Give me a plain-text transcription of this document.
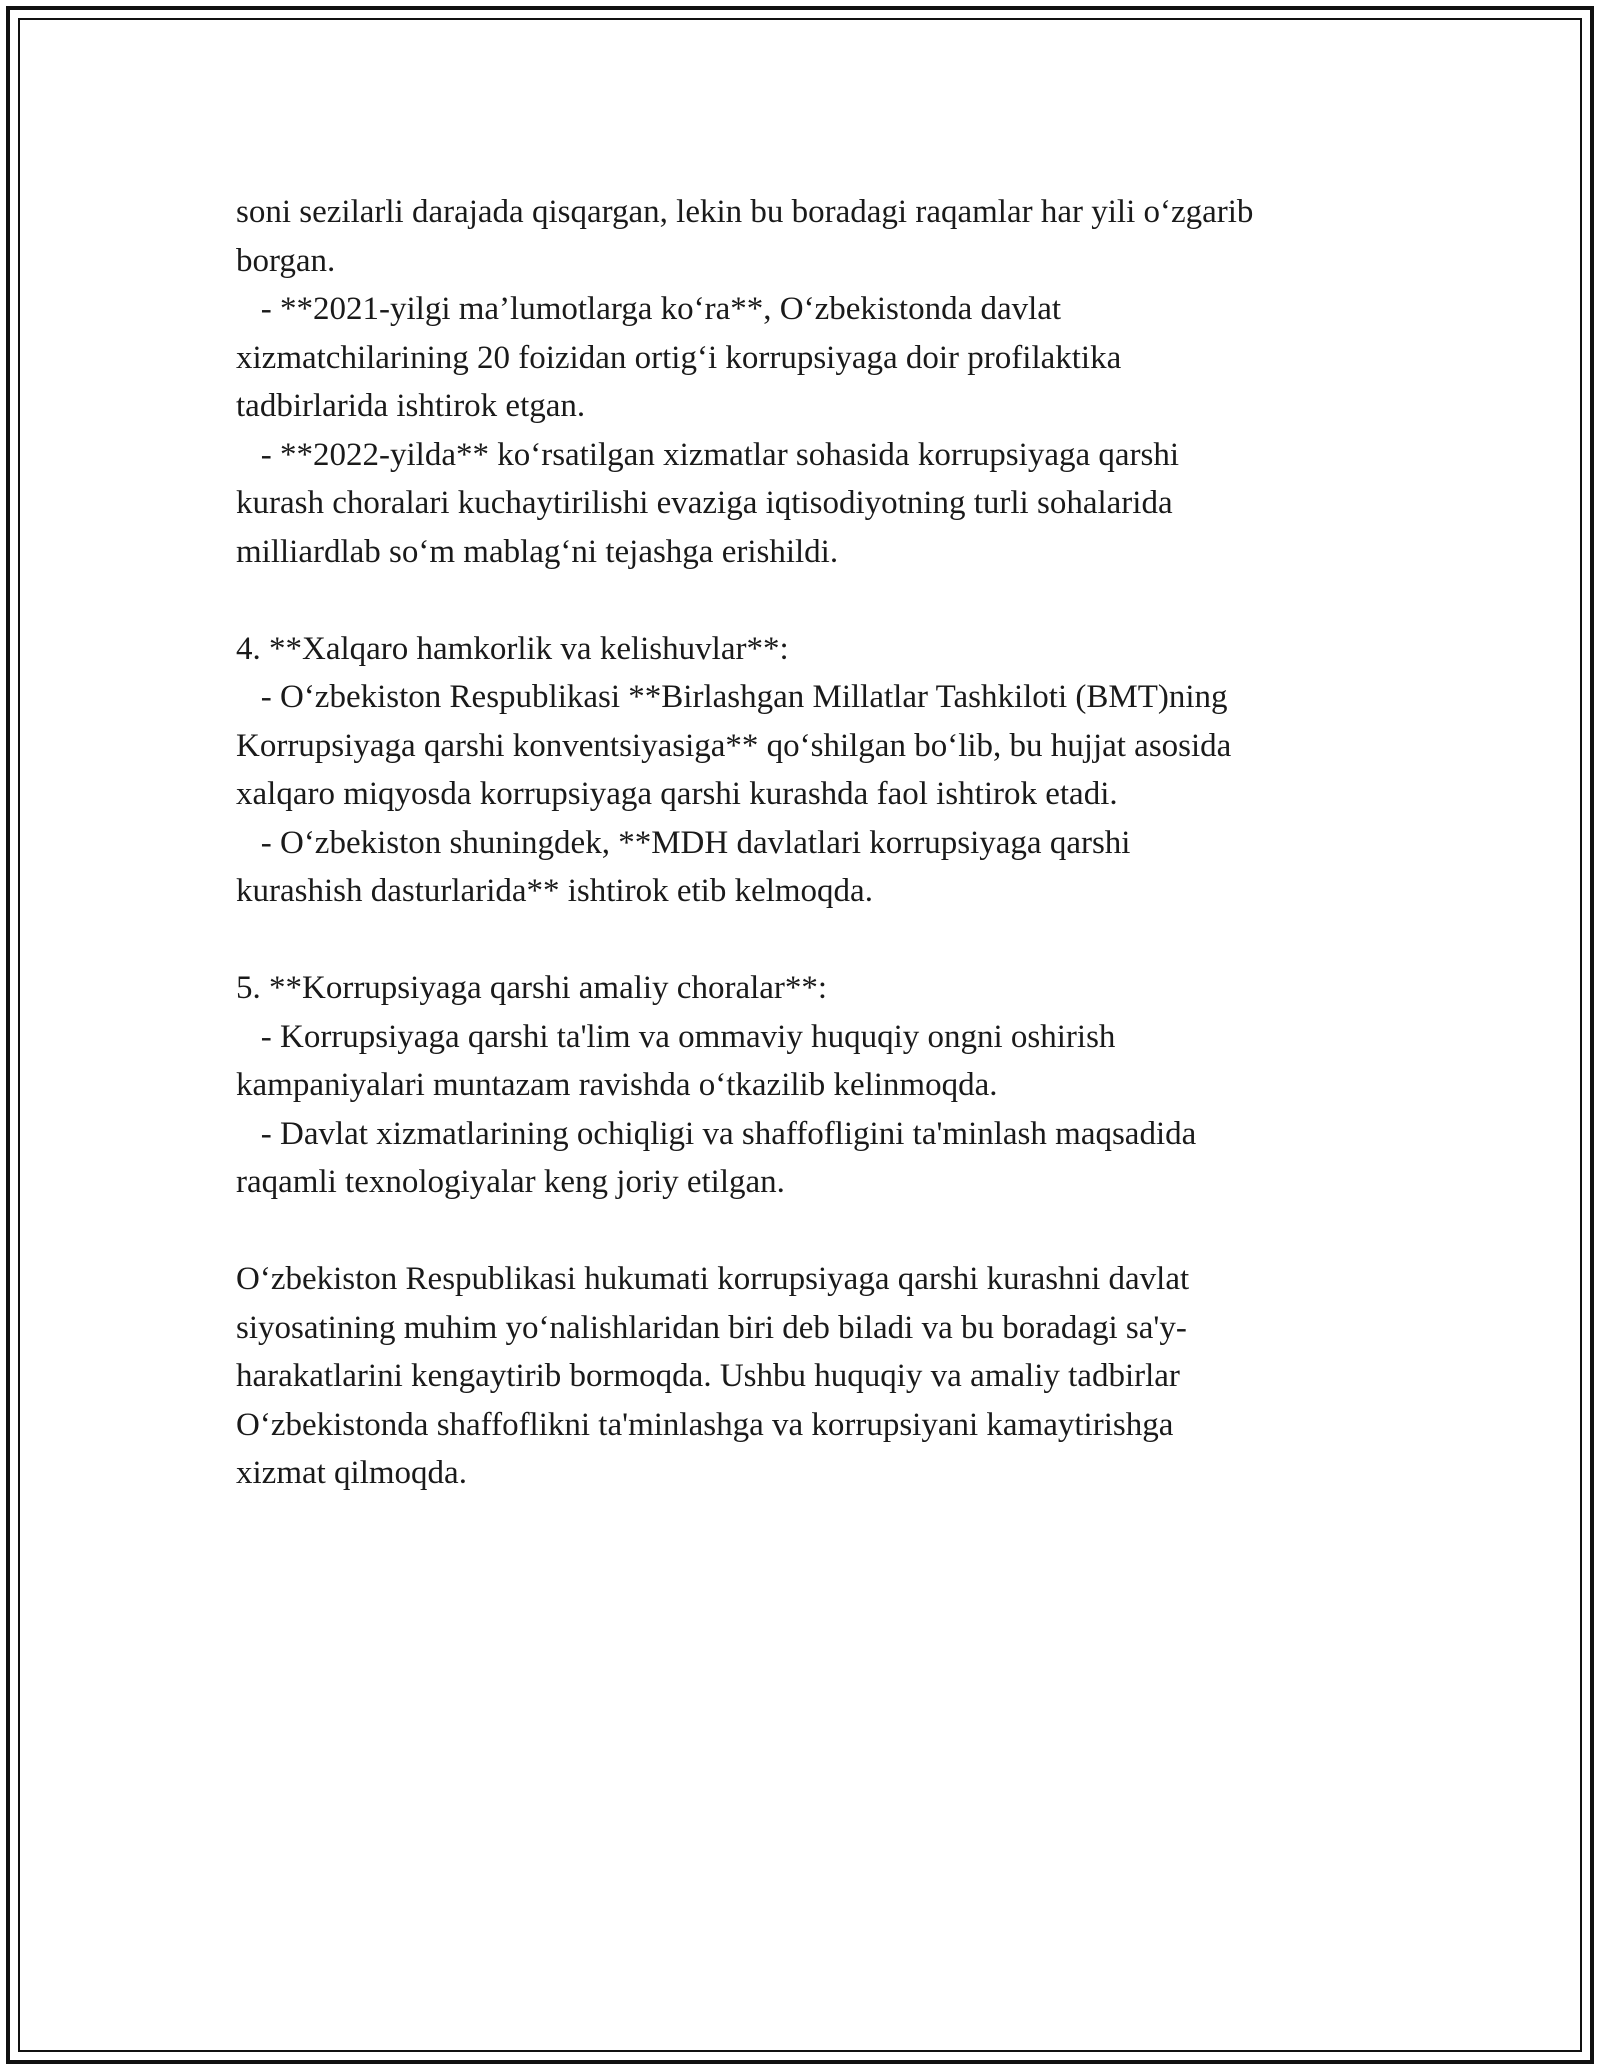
soni sezilarli darajada qisqargan, lekin bu boradagi raqamlar har yili o‘zgarib
borgan.
- **2021-yilgi ma’lumotlarga ko‘ra**, O‘zbekistonda davlat
xizmatchilarining 20 foizidan ortig‘i korrupsiyaga doir profilaktika
tadbirlarida ishtirok etgan.
- **2022-yilda** ko‘rsatilgan xizmatlar sohasida korrupsiyaga qarshi
kurash choralari kuchaytirilishi evaziga iqtisodiyotning turli sohalarida
milliardlab so‘m mablag‘ni tejashga erishildi.
4. **Xalqaro hamkorlik va kelishuvlar**:
- O‘zbekiston Respublikasi **Birlashgan Millatlar Tashkiloti (BMT)ning
Korrupsiyaga qarshi konventsiyasiga** qo‘shilgan bo‘lib, bu hujjat asosida
xalqaro miqyosda korrupsiyaga qarshi kurashda faol ishtirok etadi.
- O‘zbekiston shuningdek, **MDH davlatlari korrupsiyaga qarshi
kurashish dasturlarida** ishtirok etib kelmoqda.
5. **Korrupsiyaga qarshi amaliy choralar**:
- Korrupsiyaga qarshi ta'lim va ommaviy huquqiy ongni oshirish
kampaniyalari muntazam ravishda o‘tkazilib kelinmoqda.
- Davlat xizmatlarining ochiqligi va shaffofligini ta'minlash maqsadida
raqamli texnologiyalar keng joriy etilgan.
O‘zbekiston Respublikasi hukumati korrupsiyaga qarshi kurashni davlat
siyosatining muhim yo‘nalishlaridan biri deb biladi va bu boradagi sa'y-
harakatlarini kengaytirib bormoqda. Ushbu huquqiy va amaliy tadbirlar
O‘zbekistonda shaffoflikni ta'minlashga va korrupsiyani kamaytirishga
xizmat qilmoqda.
